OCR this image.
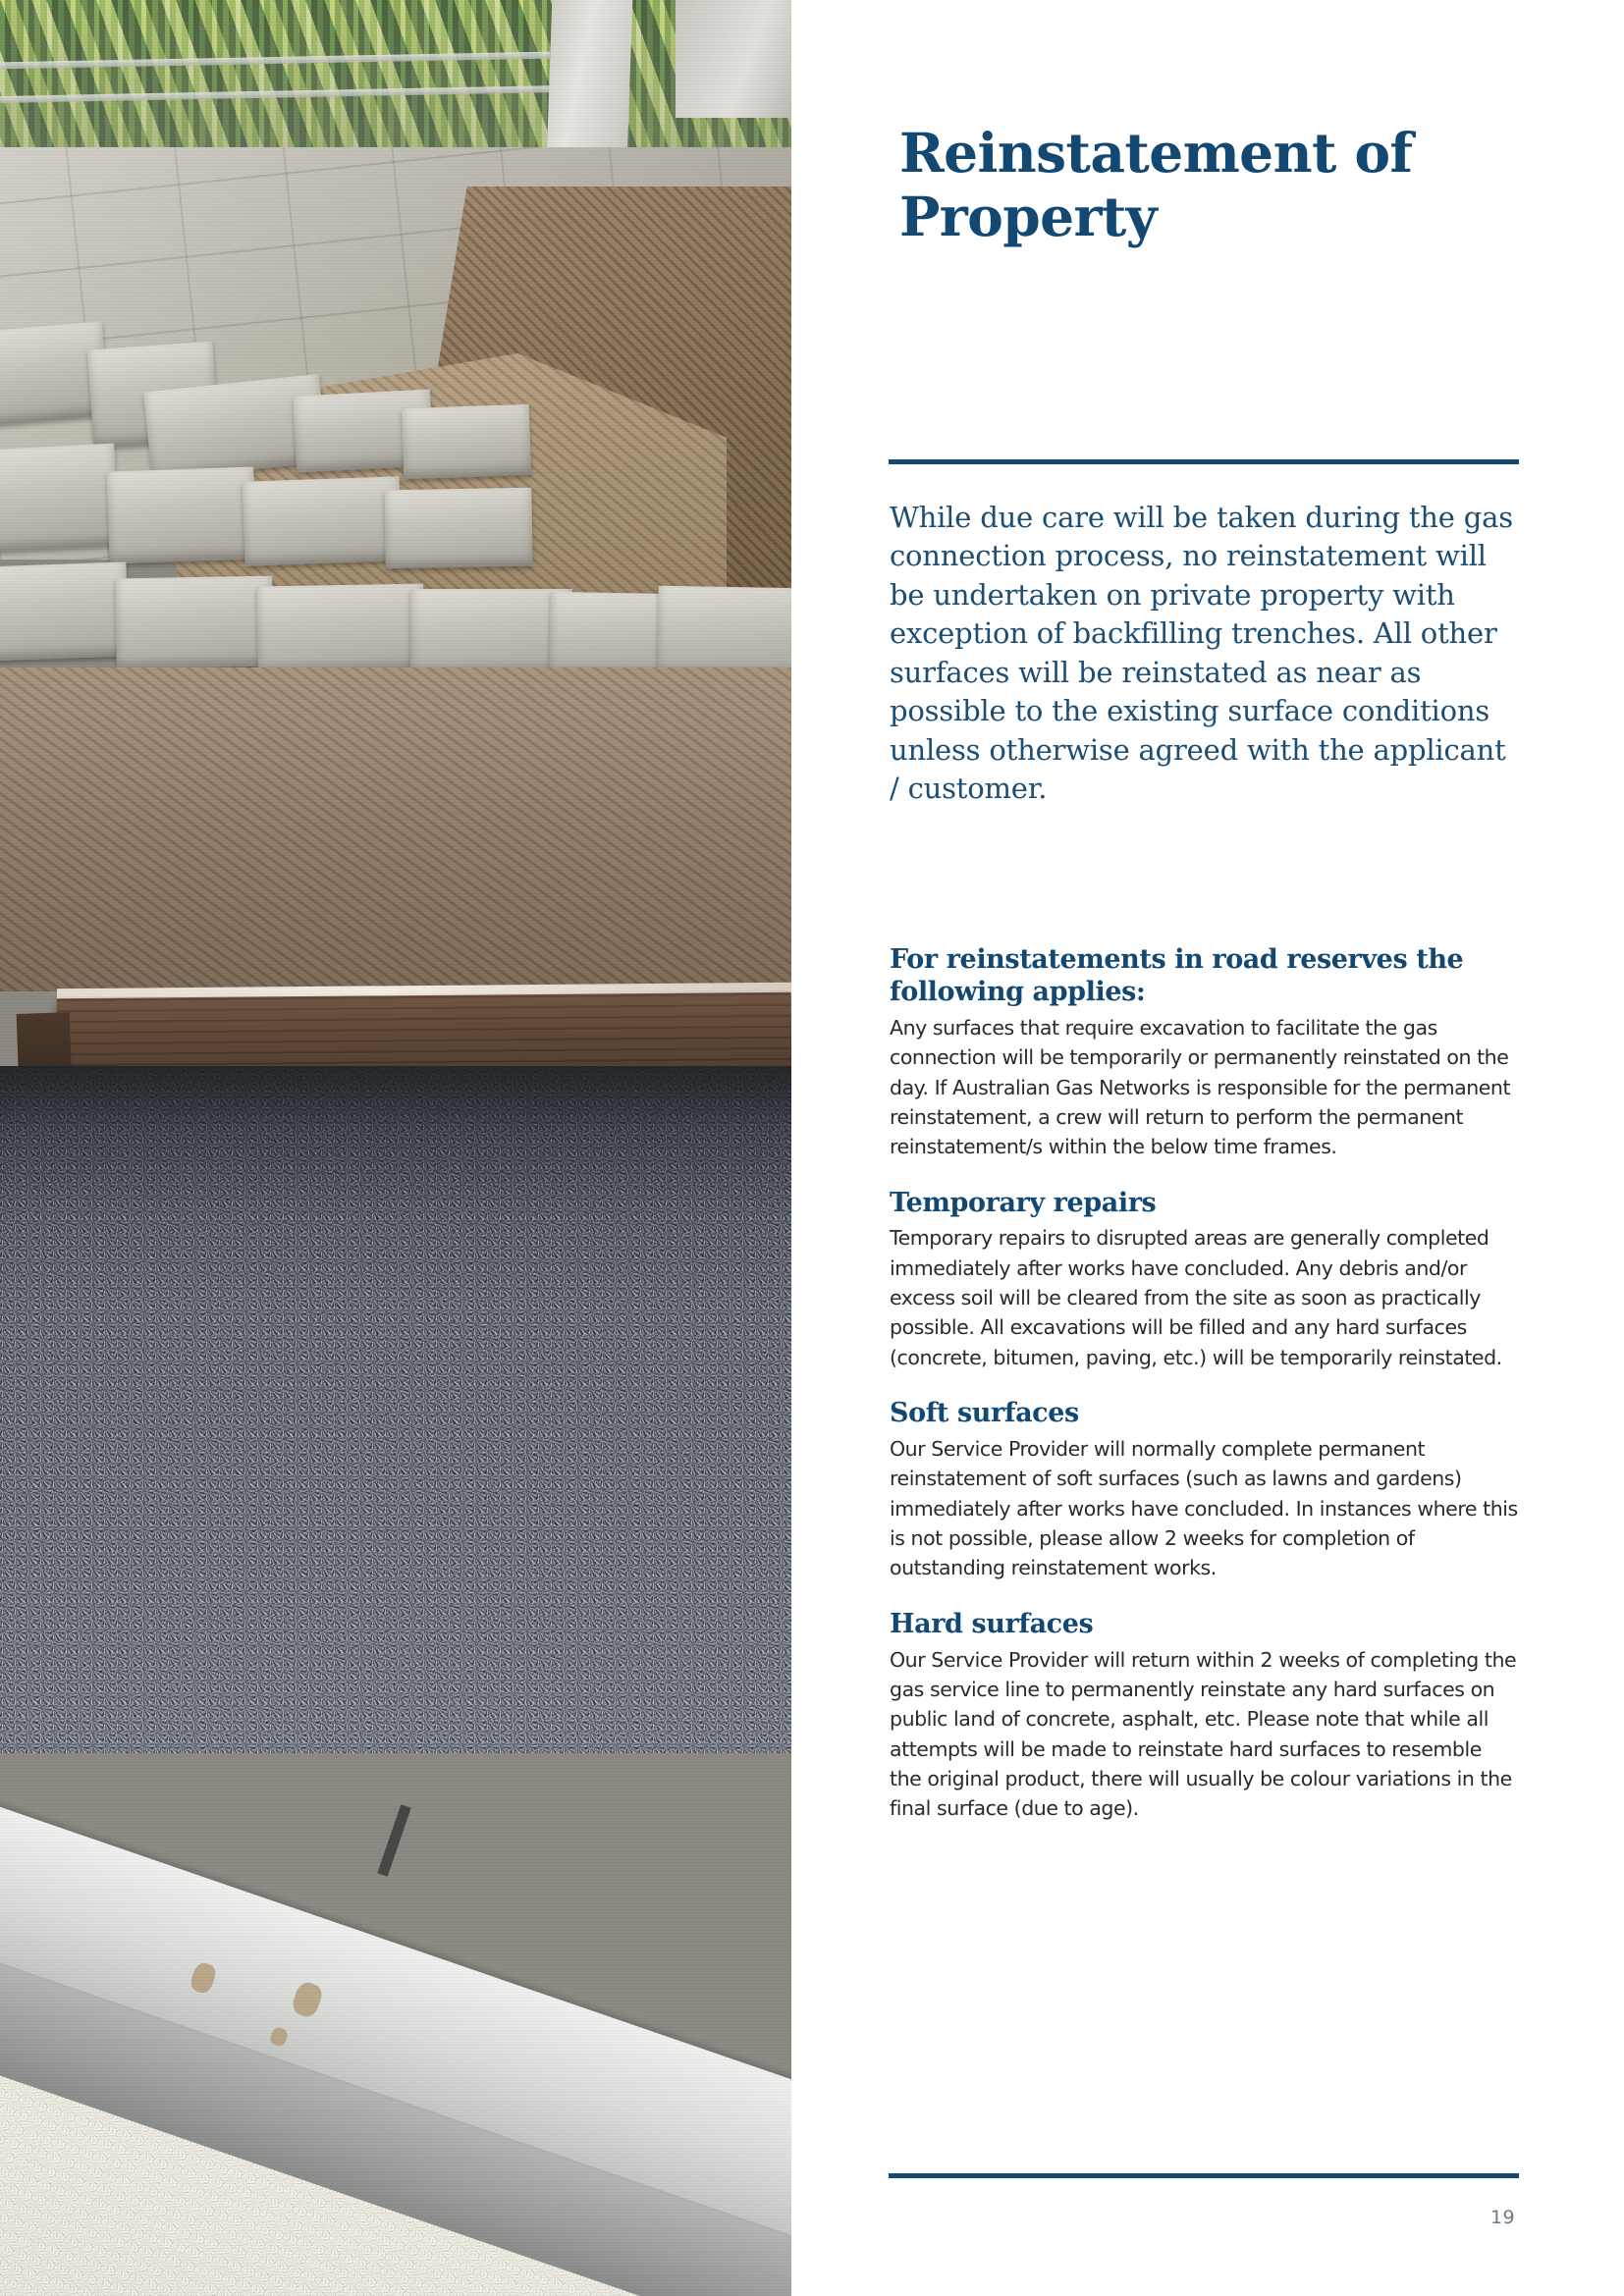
Reinstatement of Property

While due care will be taken during the gas connection process, no reinstatement will be undertaken on private property with exception of backfilling trenches. All other surfaces will be reinstated as near as possible to the existing surface conditions unless otherwise agreed with the applicant / customer.

For reinstatements in road reserves the following applies:

Any surfaces that require excavation to facilitate the gas connection will be temporarily or permanently reinstated on the day. If Australian Gas Networks is responsible for the permanent reinstatement, a crew will return to perform the permanent reinstatement/s within the below time frames.

Temporary repairs

Temporary repairs to disrupted areas are generally completed immediately after works have concluded. Any debris and/or excess soil will be cleared from the site as soon as practically possible. All excavations will be filled and any hard surfaces (concrete, bitumen, paving, etc.) will be temporarily reinstated.

Soft surfaces

Our Service Provider will normally complete permanent reinstatement of soft surfaces (such as lawns and gardens) immediately after works have concluded. In instances where this is not possible, please allow 2 weeks for completion of outstanding reinstatement works.

Hard surfaces

Our Service Provider will return within 2 weeks of completing the gas service line to permanently reinstate any hard surfaces on public land of concrete, asphalt, etc. Please note that while all attempts will be made to reinstate hard surfaces to resemble the original product, there will usually be colour variations in the final surface (due to age).

19
